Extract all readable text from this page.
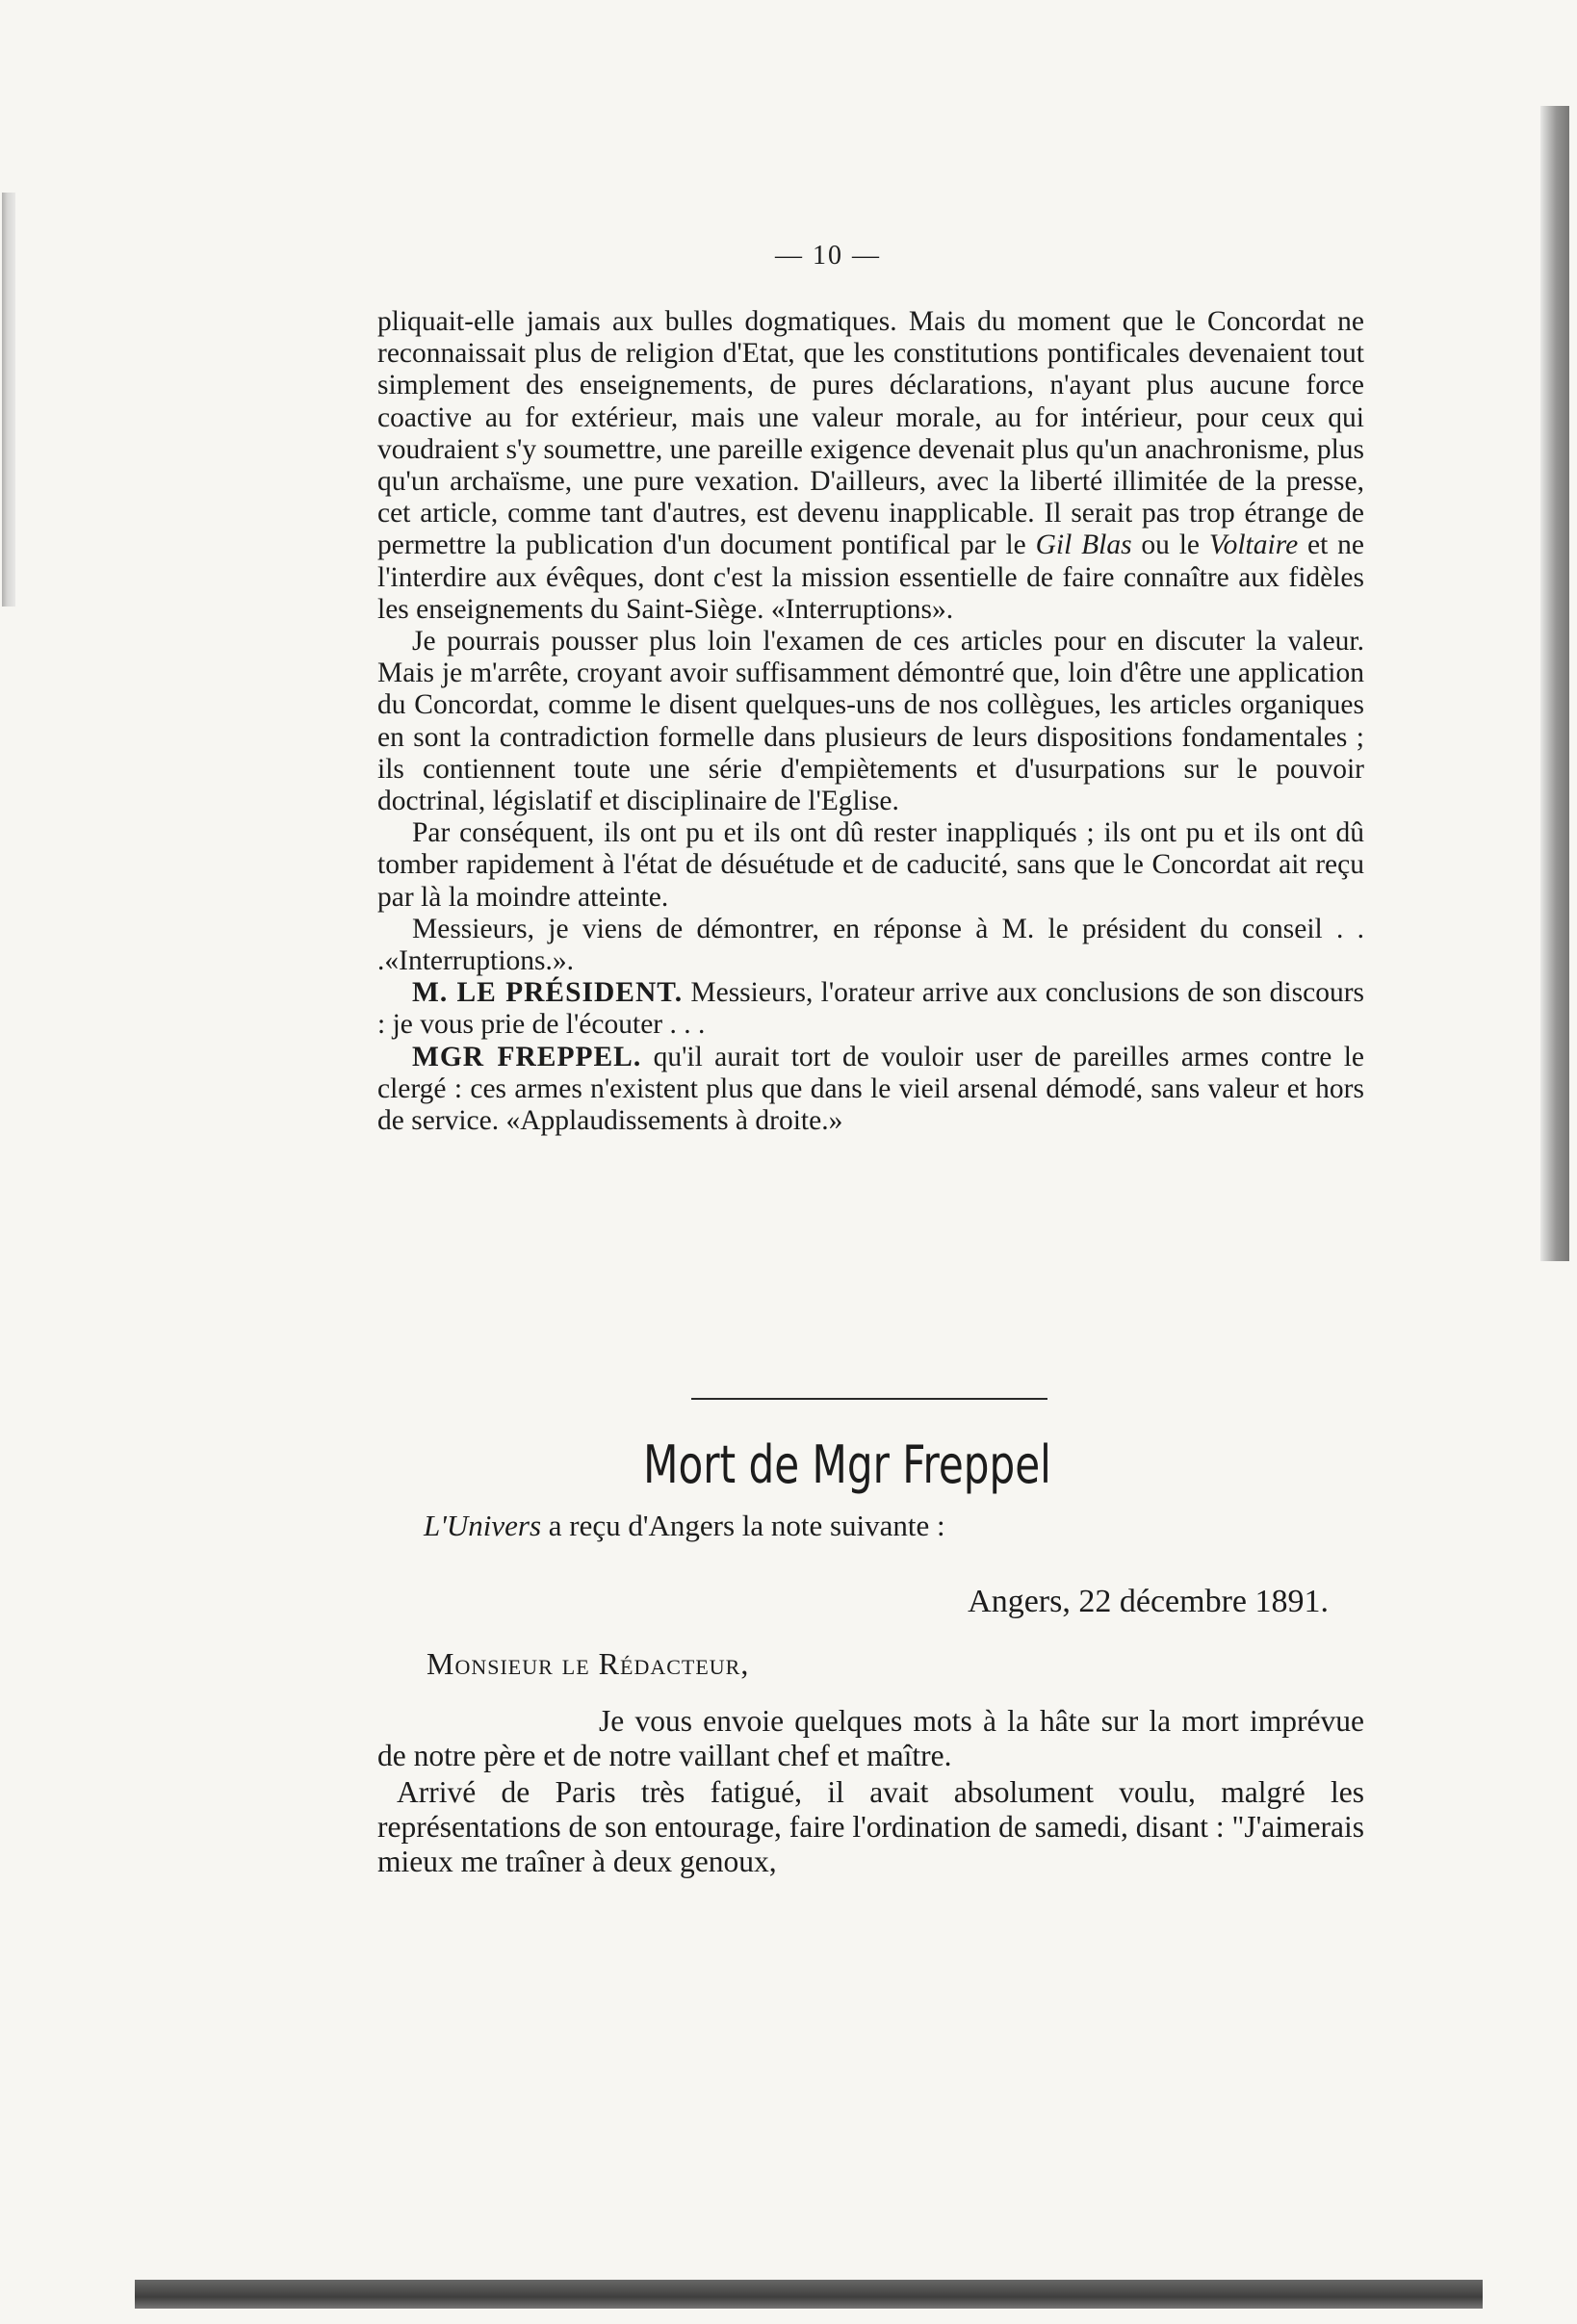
— 10 —

pliquait-elle jamais aux bulles dogmatiques. Mais du moment que le Concordat ne reconnaissait plus de religion d'Etat, que les constitutions pontificales devenaient tout simplement des enseignements, de pures déclarations, n'ayant plus aucune force coactive au for extérieur, mais une valeur morale, au for intérieur, pour ceux qui voudraient s'y soumettre, une pareille exigence devenait plus qu'un anachronisme, plus qu'un archaïsme, une pure vexation. D'ailleurs, avec la liberté illimitée de la presse, cet article, comme tant d'autres, est devenu inapplicable. Il serait pas trop étrange de permettre la publication d'un document pontifical par le Gil Blas ou le Voltaire et ne l'interdire aux évêques, dont c'est la mission essentielle de faire connaître aux fidèles les enseignements du Saint-Siège. «Interruptions».

Je pourrais pousser plus loin l'examen de ces articles pour en discuter la valeur. Mais je m'arrête, croyant avoir suffisamment démontré que, loin d'être une application du Concordat, comme le disent quelques-uns de nos collègues, les articles organiques en sont la contradiction formelle dans plusieurs de leurs dispositions fondamentales ; ils contiennent toute une série d'empiètements et d'usurpations sur le pouvoir doctrinal, législatif et disciplinaire de l'Eglise.

Par conséquent, ils ont pu et ils ont dû rester inappliqués ; ils ont pu et ils ont dû tomber rapidement à l'état de désuétude et de caducité, sans que le Concordat ait reçu par là la moindre atteinte.

Messieurs, je viens de démontrer, en réponse à M. le président du conseil . . .«Interruptions.».

M. LE PRÉSIDENT. Messieurs, l'orateur arrive aux conclusions de son discours : je vous prie de l'écouter . . .

MGR FREPPEL. qu'il aurait tort de vouloir user de pareilles armes contre le clergé : ces armes n'existent plus que dans le vieil arsenal démodé, sans valeur et hors de service. «Applaudissements à droite.»

Mort de Mgr Freppel
L'Univers a reçu d'Angers la note suivante :
Angers, 22 décembre 1891.
Monsieur le Rédacteur,

Je vous envoie quelques mots à la hâte sur la mort imprévue de notre père et de notre vaillant chef et maître.

Arrivé de Paris très fatigué, il avait absolument voulu, malgré les représentations de son entourage, faire l'ordination de samedi, disant : "J'aimerais mieux me traîner à deux genoux,
